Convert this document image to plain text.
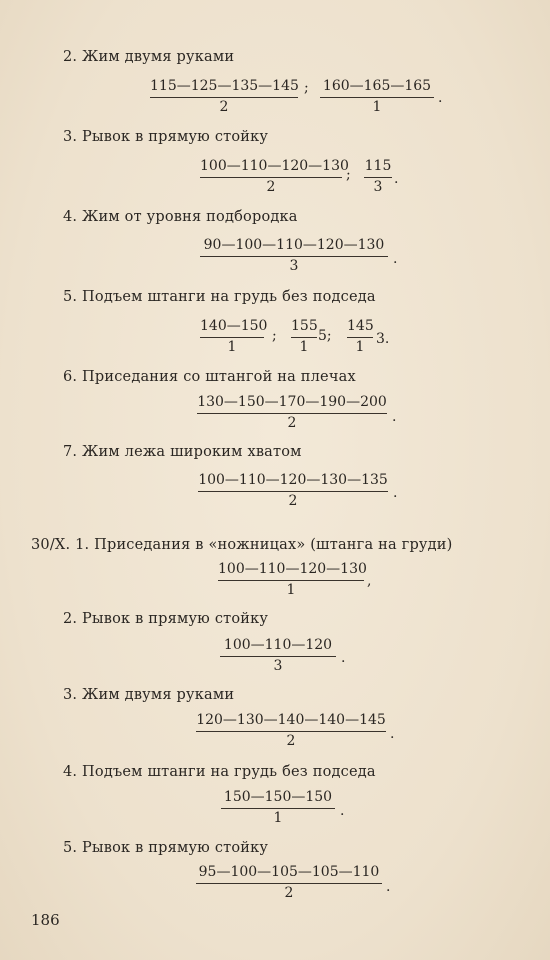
2. Жим двумя руками
115—125—135—145
2
; 160—165—165
1
.
3. Рывок в прямую стойку
100—110—120—130
2
;
115
3 .
4. Жим от уровня подбородка
90—100—110—120—130
3	.
5. Подъем штанги на грудь без подседа
140—150
1
;
155
1
5;
145
1 3.
6. Приседания со штангой на плечах
130—150—170—190—200
2	.
7. Жим лежа широким хватом
100—110—120—130—135
2	.
30/Х. 1. Приседания в «ножницах» (штанга на груди)
100—110—120—130
1
,
2. Рывок в прямую стойку
100—110—120
3	.
3. Жим двумя руками
120—130—140—140—145
2	.
4. Подъем штанги на грудь без подседа
150—150—150
1	.
5. Рывок в прямую стойку
95—100—105—105—110
2	.
186
